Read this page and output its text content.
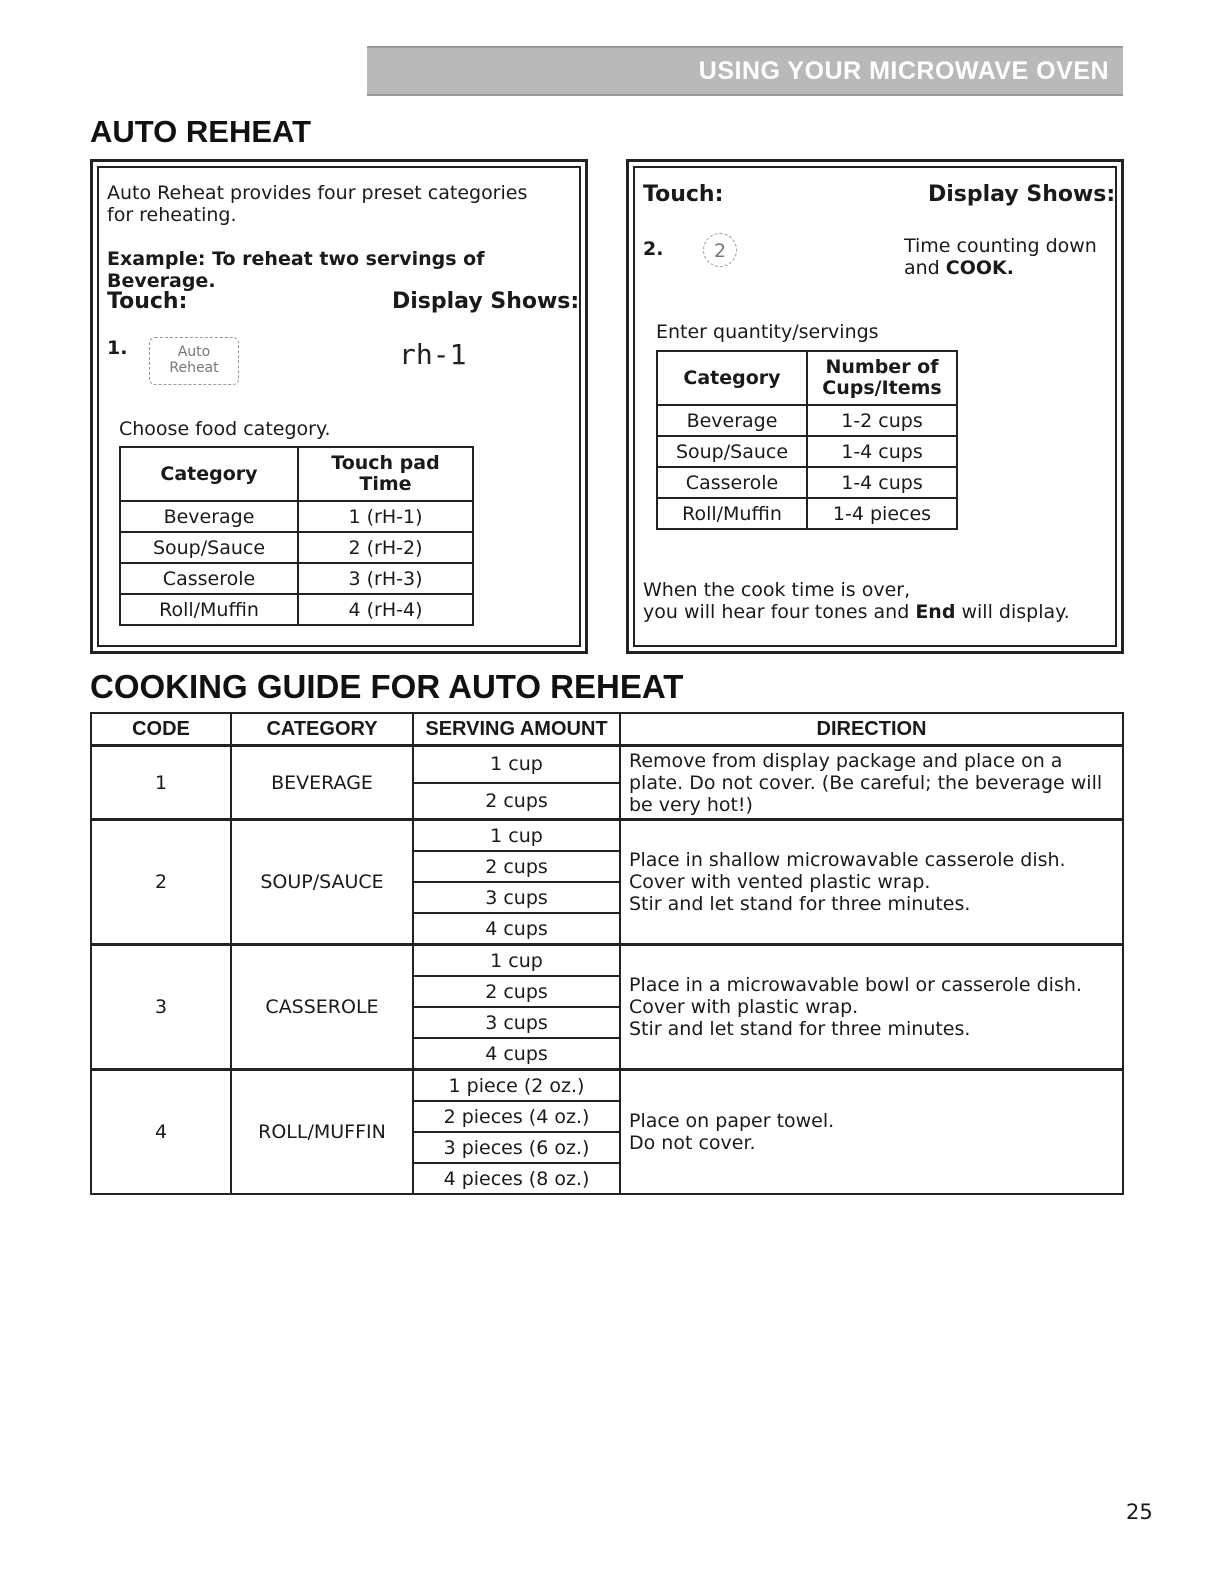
USING YOUR MICROWAVE OVEN
AUTO REHEAT
Auto Reheat provides four preset categories
for reheating.
Example: To reheat two servings of Beverage.
Touch:	Display Shows:
1.	Auto
Reheat	rh-1
Choose food category.
Category	Touch pad
Time

Beverage	1 (rH-1)
Soup/Sauce	2 (rH-2)
Casserole	3 (rH-3)
Roll/Muffin	4 (rH-4)
Touch:	Display Shows:
2.	2	Time counting down
and COOK.
Enter quantity/servings
Category	Number of
Cups/Items

Beverage	1-2 cups
Soup/Sauce	1-4 cups
Casserole	1-4 cups
Roll/Muffin	1-4 pieces
When the cook time is over,
you will hear four tones and End will display.
COOKING GUIDE FOR AUTO REHEAT
CODE	CATEGORY	SERVING AMOUNT	DIRECTION
1	BEVERAGE	1 cup	Remove from display package and place on a
plate. Do not cover. (Be careful; the beverage will
be very hot!)

		2 cups	
2	SOUP/SAUCE	1 cup	Place in shallow microwavable casserole dish.
Cover with vented plastic wrap.
Stir and let stand for three minutes.

		2 cups	
		3 cups	
		4 cups	
3	CASSEROLE	1 cup	Place in a microwavable bowl or casserole dish.
Cover with plastic wrap.
Stir and let stand for three minutes.

		2 cups	
		3 cups	
		4 cups	
4	ROLL/MUFFIN	1 piece (2 oz.)	Place on paper towel.
Do not cover.

		2 pieces (4 oz.)	
		3 pieces (6 oz.)	
		4 pieces (8 oz.)	
25
